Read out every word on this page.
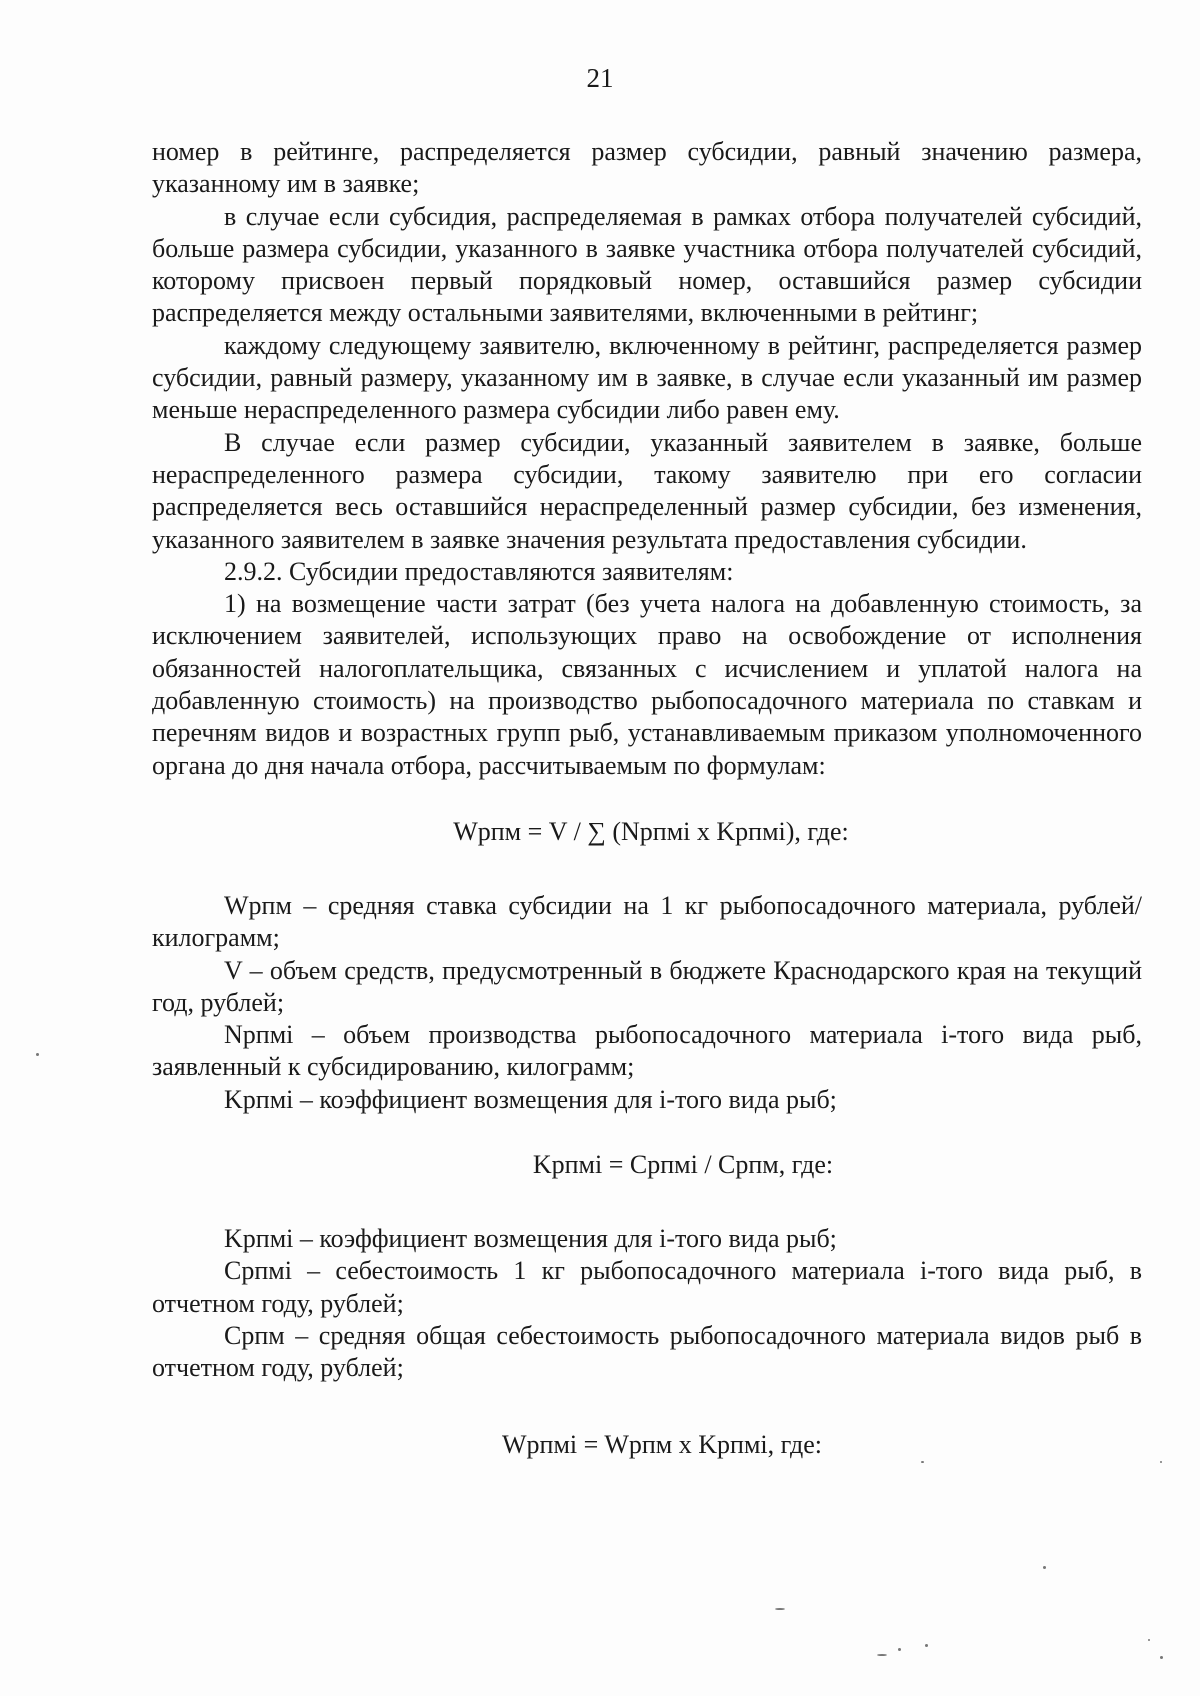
21

номер в рейтинге, распределяется размер субсидии, равный значению размера, указанному им в заявке;

в случае если субсидия, распределяемая в рамках отбора получателей субсидий, больше размера субсидии, указанного в заявке участника отбора получателей субсидий, которому присвоен первый порядковый номер, оставшийся размер субсидии распределяется между остальными заявителями, включенными в рейтинг;

каждому следующему заявителю, включенному в рейтинг, распределяется размер субсидии, равный размеру, указанному им в заявке, в случае если указанный им размер меньше нераспределенного размера субсидии либо равен ему.

В случае если размер субсидии, указанный заявителем в заявке, больше нераспределенного размера субсидии, такому заявителю при его согласии распределяется весь оставшийся нераспределенный размер субсидии, без изменения, указанного заявителем в заявке значения результата предоставления субсидии.

2.9.2. Субсидии предоставляются заявителям:

1) на возмещение части затрат (без учета налога на добавленную стоимость, за исключением заявителей, использующих право на освобождение от исполнения обязанностей налогоплательщика, связанных с исчислением и уплатой налога на добавленную стоимость) на производство рыбопосадочного материала по ставкам и перечням видов и возрастных групп рыб, устанавливаемым приказом уполномоченного органа до дня начала отбора, рассчитываемым по формулам:

Wрпм = V / ∑ (Nрпмi x Kрпмi), где:

Wрпм – средняя ставка субсидии на 1 кг рыбопосадочного материала, рублей/килограмм;

V – объем средств, предусмотренный в бюджете Краснодарского края на текущий год, рублей;

Nрпмi – объем производства рыбопосадочного материала i-того вида рыб, заявленный к субсидированию, килограмм;

Kрпмi – коэффициент возмещения для i-того вида рыб;

Kрпмi = Cрпмi / Cрпм, где:

Kрпмi – коэффициент возмещения для i-того вида рыб;

Cрпмi – себестоимость 1 кг рыбопосадочного материала i-того вида рыб, в отчетном году, рублей;

Cрпм – средняя общая себестоимость рыбопосадочного материала видов рыб в отчетном году, рублей;

Wрпмi = Wрпм x Kрпмi, где:
